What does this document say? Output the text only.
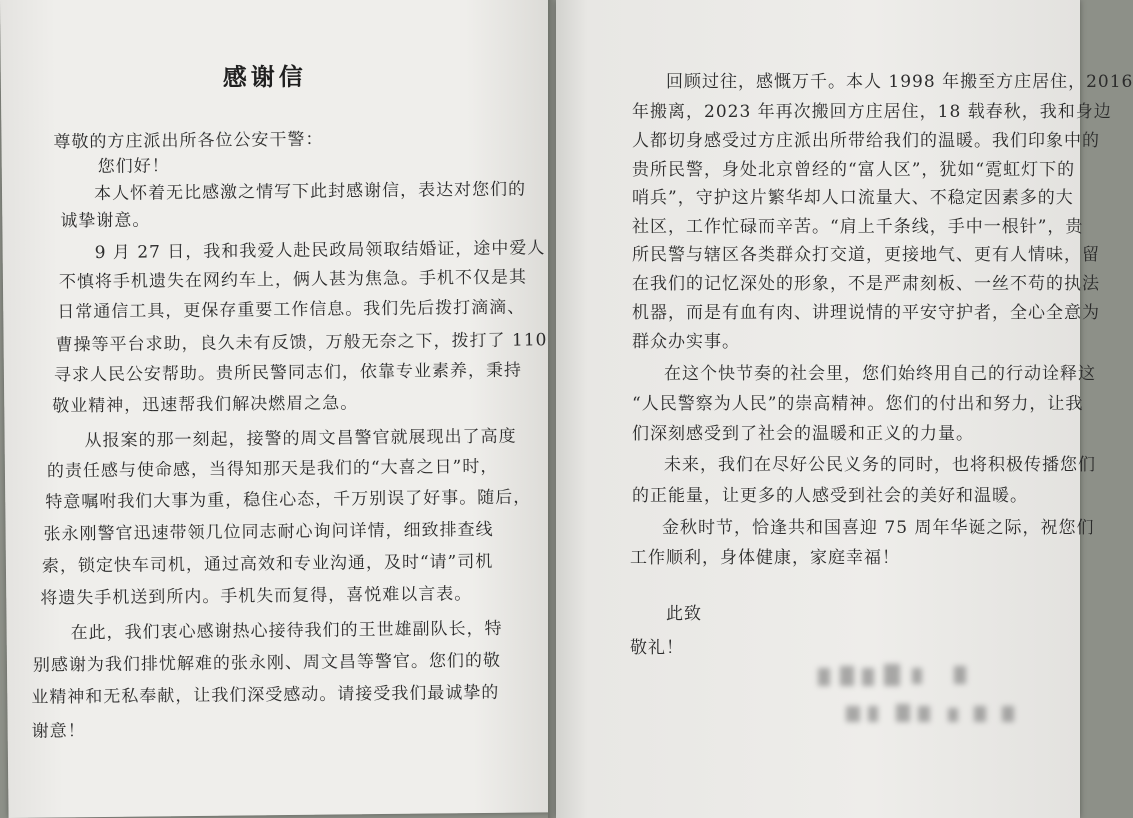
感谢信
尊敬的方庄派出所各位公安干警：
您们好！
本人怀着无比感激之情写下此封感谢信，表达对您们的
诚挚谢意。
9 月 27 日，我和我爱人赴民政局领取结婚证，途中爱人
不慎将手机遗失在网约车上，俩人甚为焦急。手机不仅是其
日常通信工具，更保存重要工作信息。我们先后拨打滴滴、
曹操等平台求助，良久未有反馈，万般无奈之下，拨打了 110
寻求人民公安帮助。贵所民警同志们，依靠专业素养，秉持
敬业精神，迅速帮我们解决燃眉之急。
从报案的那一刻起，接警的周文昌警官就展现出了高度
的责任感与使命感，当得知那天是我们的“大喜之日”时，
特意嘱咐我们大事为重，稳住心态，千万别误了好事。随后，
张永刚警官迅速带领几位同志耐心询问详情，细致排查线
索，锁定快车司机，通过高效和专业沟通，及时“请”司机
将遗失手机送到所内。手机失而复得，喜悦难以言表。
在此，我们衷心感谢热心接待我们的王世雄副队长，特
别感谢为我们排忧解难的张永刚、周文昌等警官。您们的敬
业精神和无私奉献，让我们深受感动。请接受我们最诚挚的
谢意！
回顾过往，感慨万千。本人 1998 年搬至方庄居住，2016
年搬离，2023 年再次搬回方庄居住，18 载春秋，我和身边
人都切身感受过方庄派出所带给我们的温暖。我们印象中的
贵所民警，身处北京曾经的“富人区”，犹如“霓虹灯下的
哨兵”，守护这片繁华却人口流量大、不稳定因素多的大
社区，工作忙碌而辛苦。“肩上千条线，手中一根针”，贵
所民警与辖区各类群众打交道，更接地气、更有人情味，留
在我们的记忆深处的形象，不是严肃刻板、一丝不苟的执法
机器，而是有血有肉、讲理说情的平安守护者，全心全意为
群众办实事。
在这个快节奏的社会里，您们始终用自己的行动诠释这
“人民警察为人民”的崇高精神。您们的付出和努力，让我
们深刻感受到了社会的温暖和正义的力量。
未来，我们在尽好公民义务的同时，也将积极传播您们
的正能量，让更多的人感受到社会的美好和温暖。
金秋时节，恰逢共和国喜迎 75 周年华诞之际，祝您们
工作顺利，身体健康，家庭幸福！
此致
敬礼！
